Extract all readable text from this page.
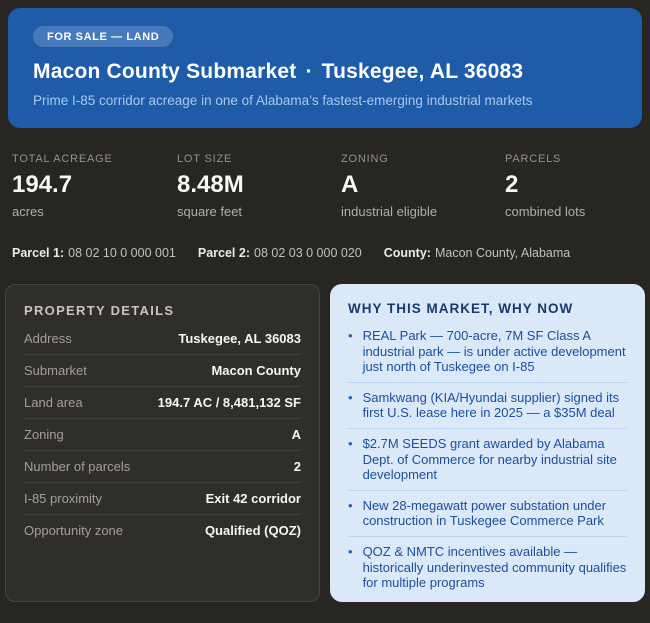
FOR SALE — LAND
Macon County Submarket · Tuskegee, AL 36083
Prime I-85 corridor acreage in one of Alabama’s fastest-emerging industrial markets
TOTAL ACREAGE
194.7
acres
LOT SIZE
8.48M
square feet
ZONING
A
industrial eligible
PARCELS
2
combined lots
Parcel 1: 08 02 10 0 000 001 Parcel 2: 08 02 03 0 000 020 County: Macon County, Alabama
PROPERTY DETAILS
Address	Tuskegee, AL 36083
Submarket	Macon County
Land area	194.7 AC / 8,481,132 SF
Zoning	A
Number of parcels	2
I-85 proximity	Exit 42 corridor
Opportunity zone	Qualified (QOZ)
WHY THIS MARKET, WHY NOW
• REAL Park — 700-acre, 7M SF Class A industrial park — is under active development just north of Tuskegee on I-85
• Samkwang (KIA/Hyundai supplier) signed its first U.S. lease here in 2025 — a $35M deal
• $2.7M SEEDS grant awarded by Alabama Dept. of Commerce for nearby industrial site development
• New 28-megawatt power substation under construction in Tuskegee Commerce Park
• QOZ & NMTC incentives available — historically underinvested community qualifies for multiple programs
